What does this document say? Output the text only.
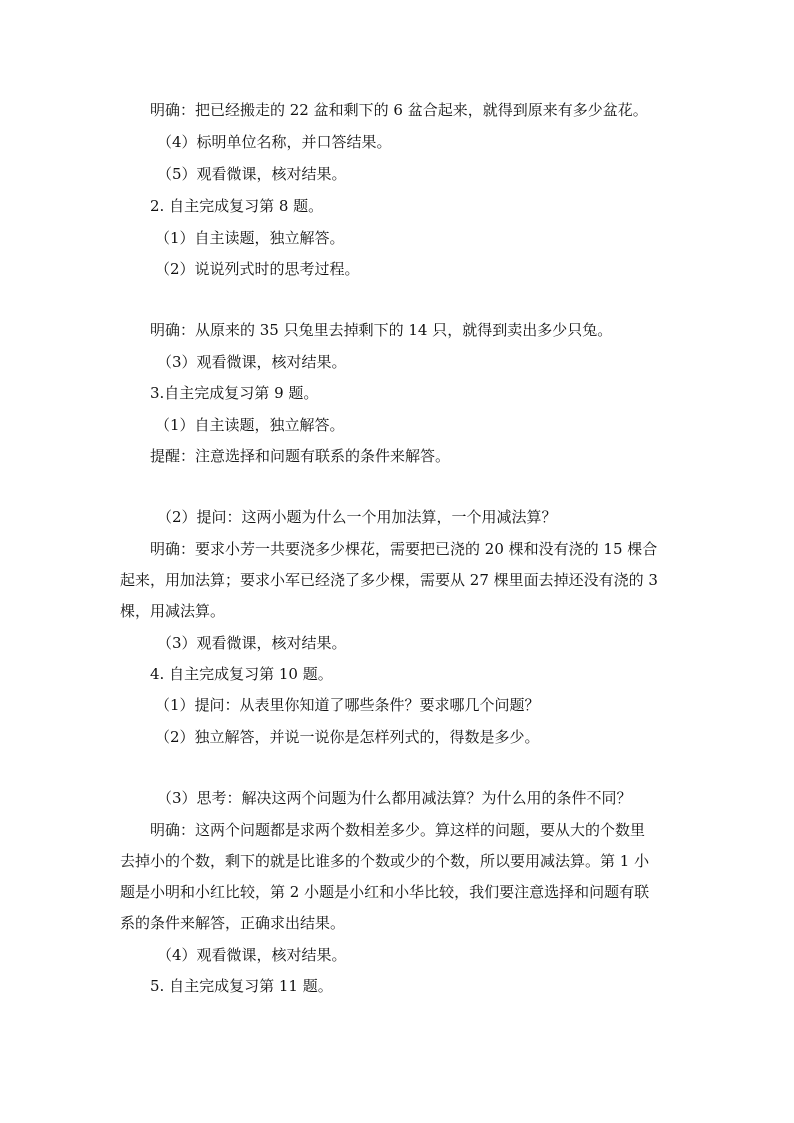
明确：把已经搬走的 22 盆和剩下的 6 盆合起来，就得到原来有多少盆花。
（4）标明单位名称，并口答结果。
（5）观看微课，核对结果。
2. 自主完成复习第 8 题。
（1）自主读题，独立解答。
（2）说说列式时的思考过程。
明确：从原来的 35 只兔里去掉剩下的 14 只，就得到卖出多少只兔。
（3）观看微课，核对结果。
3.自主完成复习第 9 题。
（1）自主读题，独立解答。
提醒：注意选择和问题有联系的条件来解答。
（2）提问：这两小题为什么一个用加法算，一个用减法算？
明确：要求小芳一共要浇多少棵花，需要把已浇的 20 棵和没有浇的 15 棵合
起来，用加法算；要求小军已经浇了多少棵，需要从 27 棵里面去掉还没有浇的 3
棵，用减法算。
（3）观看微课，核对结果。
4. 自主完成复习第 10 题。
（1）提问：从表里你知道了哪些条件？要求哪几个问题？
（2）独立解答，并说一说你是怎样列式的，得数是多少。
（3）思考：解决这两个问题为什么都用减法算？为什么用的条件不同？
明确：这两个问题都是求两个数相差多少。算这样的问题，要从大的个数里
去掉小的个数，剩下的就是比谁多的个数或少的个数，所以要用减法算。第 1 小
题是小明和小红比较，第 2 小题是小红和小华比较，我们要注意选择和问题有联
系的条件来解答，正确求出结果。
（4）观看微课，核对结果。
5. 自主完成复习第 11 题。
